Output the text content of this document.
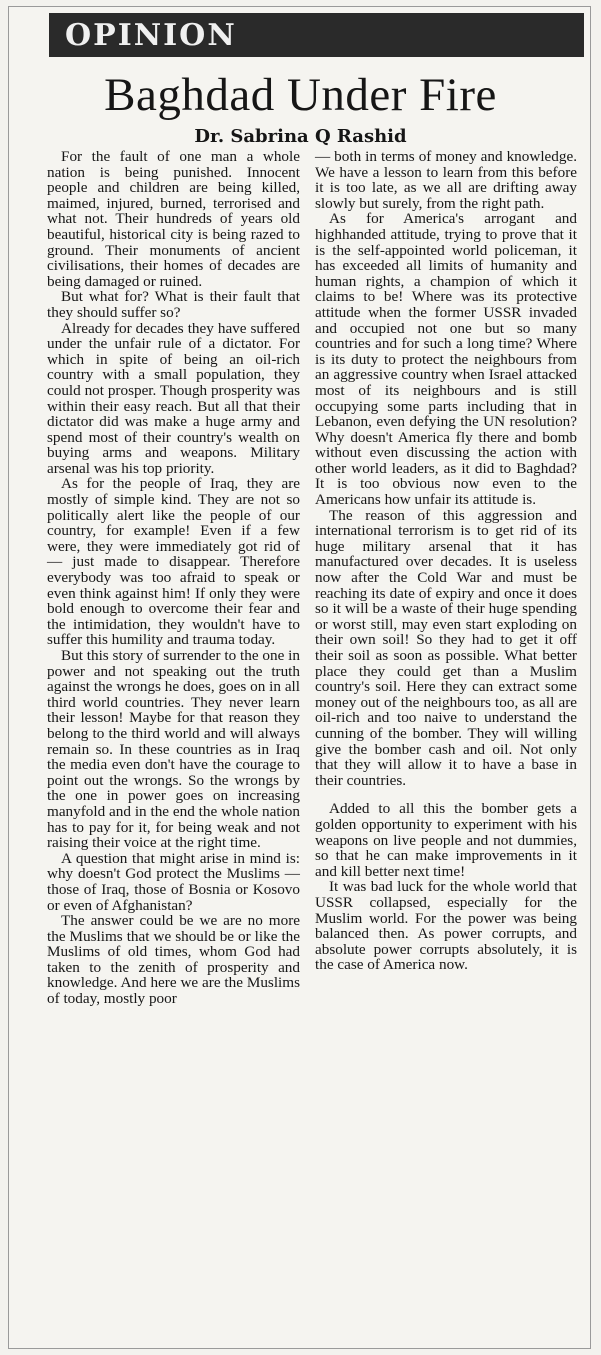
OPINION
Baghdad Under Fire
Dr. Sabrina Q Rashid

For the fault of one man a whole nation is being punished. Innocent people and children are being killed, maimed, injured, burned, terrorised and what not. Their hundreds of years old beautiful, historical city is being razed to ground. Their monuments of ancient civilisations, their homes of decades are being damaged or ruined.

But what for? What is their fault that they should suffer so?

Already for decades they have suffered under the unfair rule of a dictator. For which in spite of being an oil-rich country with a small population, they could not prosper. Though prosperity was within their easy reach. But all that their dictator did was make a huge army and spend most of their country's wealth on buying arms and weapons. Military arsenal was his top priority.

As for the people of Iraq, they are mostly of simple kind. They are not so politically alert like the people of our country, for example! Even if a few were, they were immediately got rid of — just made to disappear. Therefore everybody was too afraid to speak or even think against him! If only they were bold enough to overcome their fear and the intimidation, they wouldn't have to suffer this humility and trauma today.

But this story of surrender to the one in power and not speaking out the truth against the wrongs he does, goes on in all third world countries. They never learn their lesson! Maybe for that reason they belong to the third world and will always remain so. In these countries as in Iraq the media even don't have the courage to point out the wrongs. So the wrongs by the one in power goes on increasing manyfold and in the end the whole nation has to pay for it, for being weak and not raising their voice at the right time.

A question that might arise in mind is: why doesn't God protect the Muslims — those of Iraq, those of Bosnia or Kosovo or even of Afghanistan?

The answer could be we are no more the Muslims that we should be or like the Muslims of old times, whom God had taken to the zenith of prosperity and knowledge. And here we are the Muslims of today, mostly poor

— both in terms of money and knowledge. We have a lesson to learn from this before it is too late, as we all are drifting away slowly but surely, from the right path.

As for America's arrogant and highhanded attitude, trying to prove that it is the self-appointed world policeman, it has exceeded all limits of humanity and human rights, a champion of which it claims to be! Where was its protective attitude when the former USSR invaded and occupied not one but so many countries and for such a long time? Where is its duty to protect the neighbours from an aggressive country when Israel attacked most of its neighbours and is still occupying some parts including that in Lebanon, even defying the UN resolution? Why doesn't America fly there and bomb without even discussing the action with other world leaders, as it did to Baghdad? It is too obvious now even to the Americans how unfair its attitude is.

The reason of this aggression and international terrorism is to get rid of its huge military arsenal that it has manufactured over decades. It is useless now after the Cold War and must be reaching its date of expiry and once it does so it will be a waste of their huge spending or worst still, may even start exploding on their own soil! So they had to get it off their soil as soon as possible. What better place they could get than a Muslim country's soil. Here they can extract some money out of the neighbours too, as all are oil-rich and too naive to understand the cunning of the bomber. They will willing give the bomber cash and oil. Not only that they will allow it to have a base in their countries.

Added to all this the bomber gets a golden opportunity to experiment with his weapons on live people and not dummies, so that he can make improvements in it and kill better next time!

It was bad luck for the whole world that USSR collapsed, especially for the Muslim world. For the power was being balanced then. As power corrupts, and absolute power corrupts absolutely, it is the case of America now.
